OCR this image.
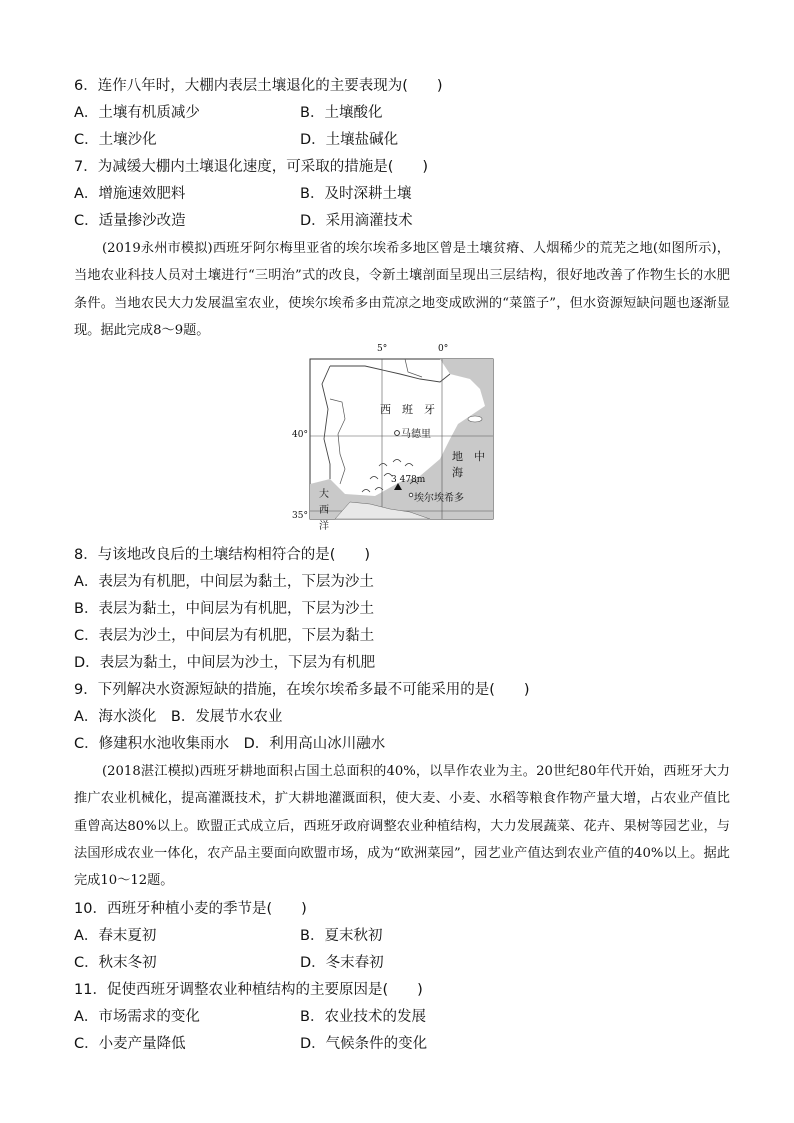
6．连作八年时，大棚内表层土壤退化的主要表现为(　　)
A．土壤有机质减少	B．土壤酸化
C．土壤沙化	D．土壤盐碱化
7．为减缓大棚内土壤退化速度，可采取的措施是(　　)
A．增施速效肥料	B．及时深耕土壤
C．适量掺沙改造	D．采用滴灌技术
(2019永州市模拟)西班牙阿尔梅里亚省的埃尔埃希多地区曾是土壤贫瘠、人烟稀少的荒芜之地(如图所示)，当地农业科技人员对土壤进行“三明治”式的改良，令新土壤剖面呈现出三层结构，很好地改善了作物生长的水肥条件。当地农民大力发展温室农业，使埃尔埃希多由荒凉之地变成欧洲的“菜篮子”，但水资源短缺问题也逐渐显现。据此完成8～9题。
5°	0°
40°
35°
西　班　牙
马德里
地　中　海
大
西
洋
3 478m
埃尔埃希多
8．与该地改良后的土壤结构相符合的是(　　)
A．表层为有机肥，中间层为黏土，下层为沙土
B．表层为黏土，中间层为有机肥，下层为沙土
C．表层为沙土，中间层为有机肥，下层为黏土
D．表层为黏土，中间层为沙土，下层为有机肥
9．下列解决水资源短缺的措施，在埃尔埃希多最不可能采用的是(　　)
A．海水淡化　B．发展节水农业
C．修建积水池收集雨水　D．利用高山冰川融水
(2018湛江模拟)西班牙耕地面积占国土总面积的40%，以旱作农业为主。20世纪80年代开始，西班牙大力推广农业机械化，提高灌溉技术，扩大耕地灌溉面积，使大麦、小麦、水稻等粮食作物产量大增，占农业产值比重曾高达80%以上。欧盟正式成立后，西班牙政府调整农业种植结构，大力发展蔬菜、花卉、果树等园艺业，与法国形成农业一体化，农产品主要面向欧盟市场，成为“欧洲菜园”，园艺业产值达到农业产值的40%以上。据此完成10～12题。
10．西班牙种植小麦的季节是(　　)
A．春末夏初	B．夏末秋初
C．秋末冬初	D．冬末春初
11．促使西班牙调整农业种植结构的主要原因是(　　)
A．市场需求的变化	B．农业技术的发展
C．小麦产量降低	D．气候条件的变化
